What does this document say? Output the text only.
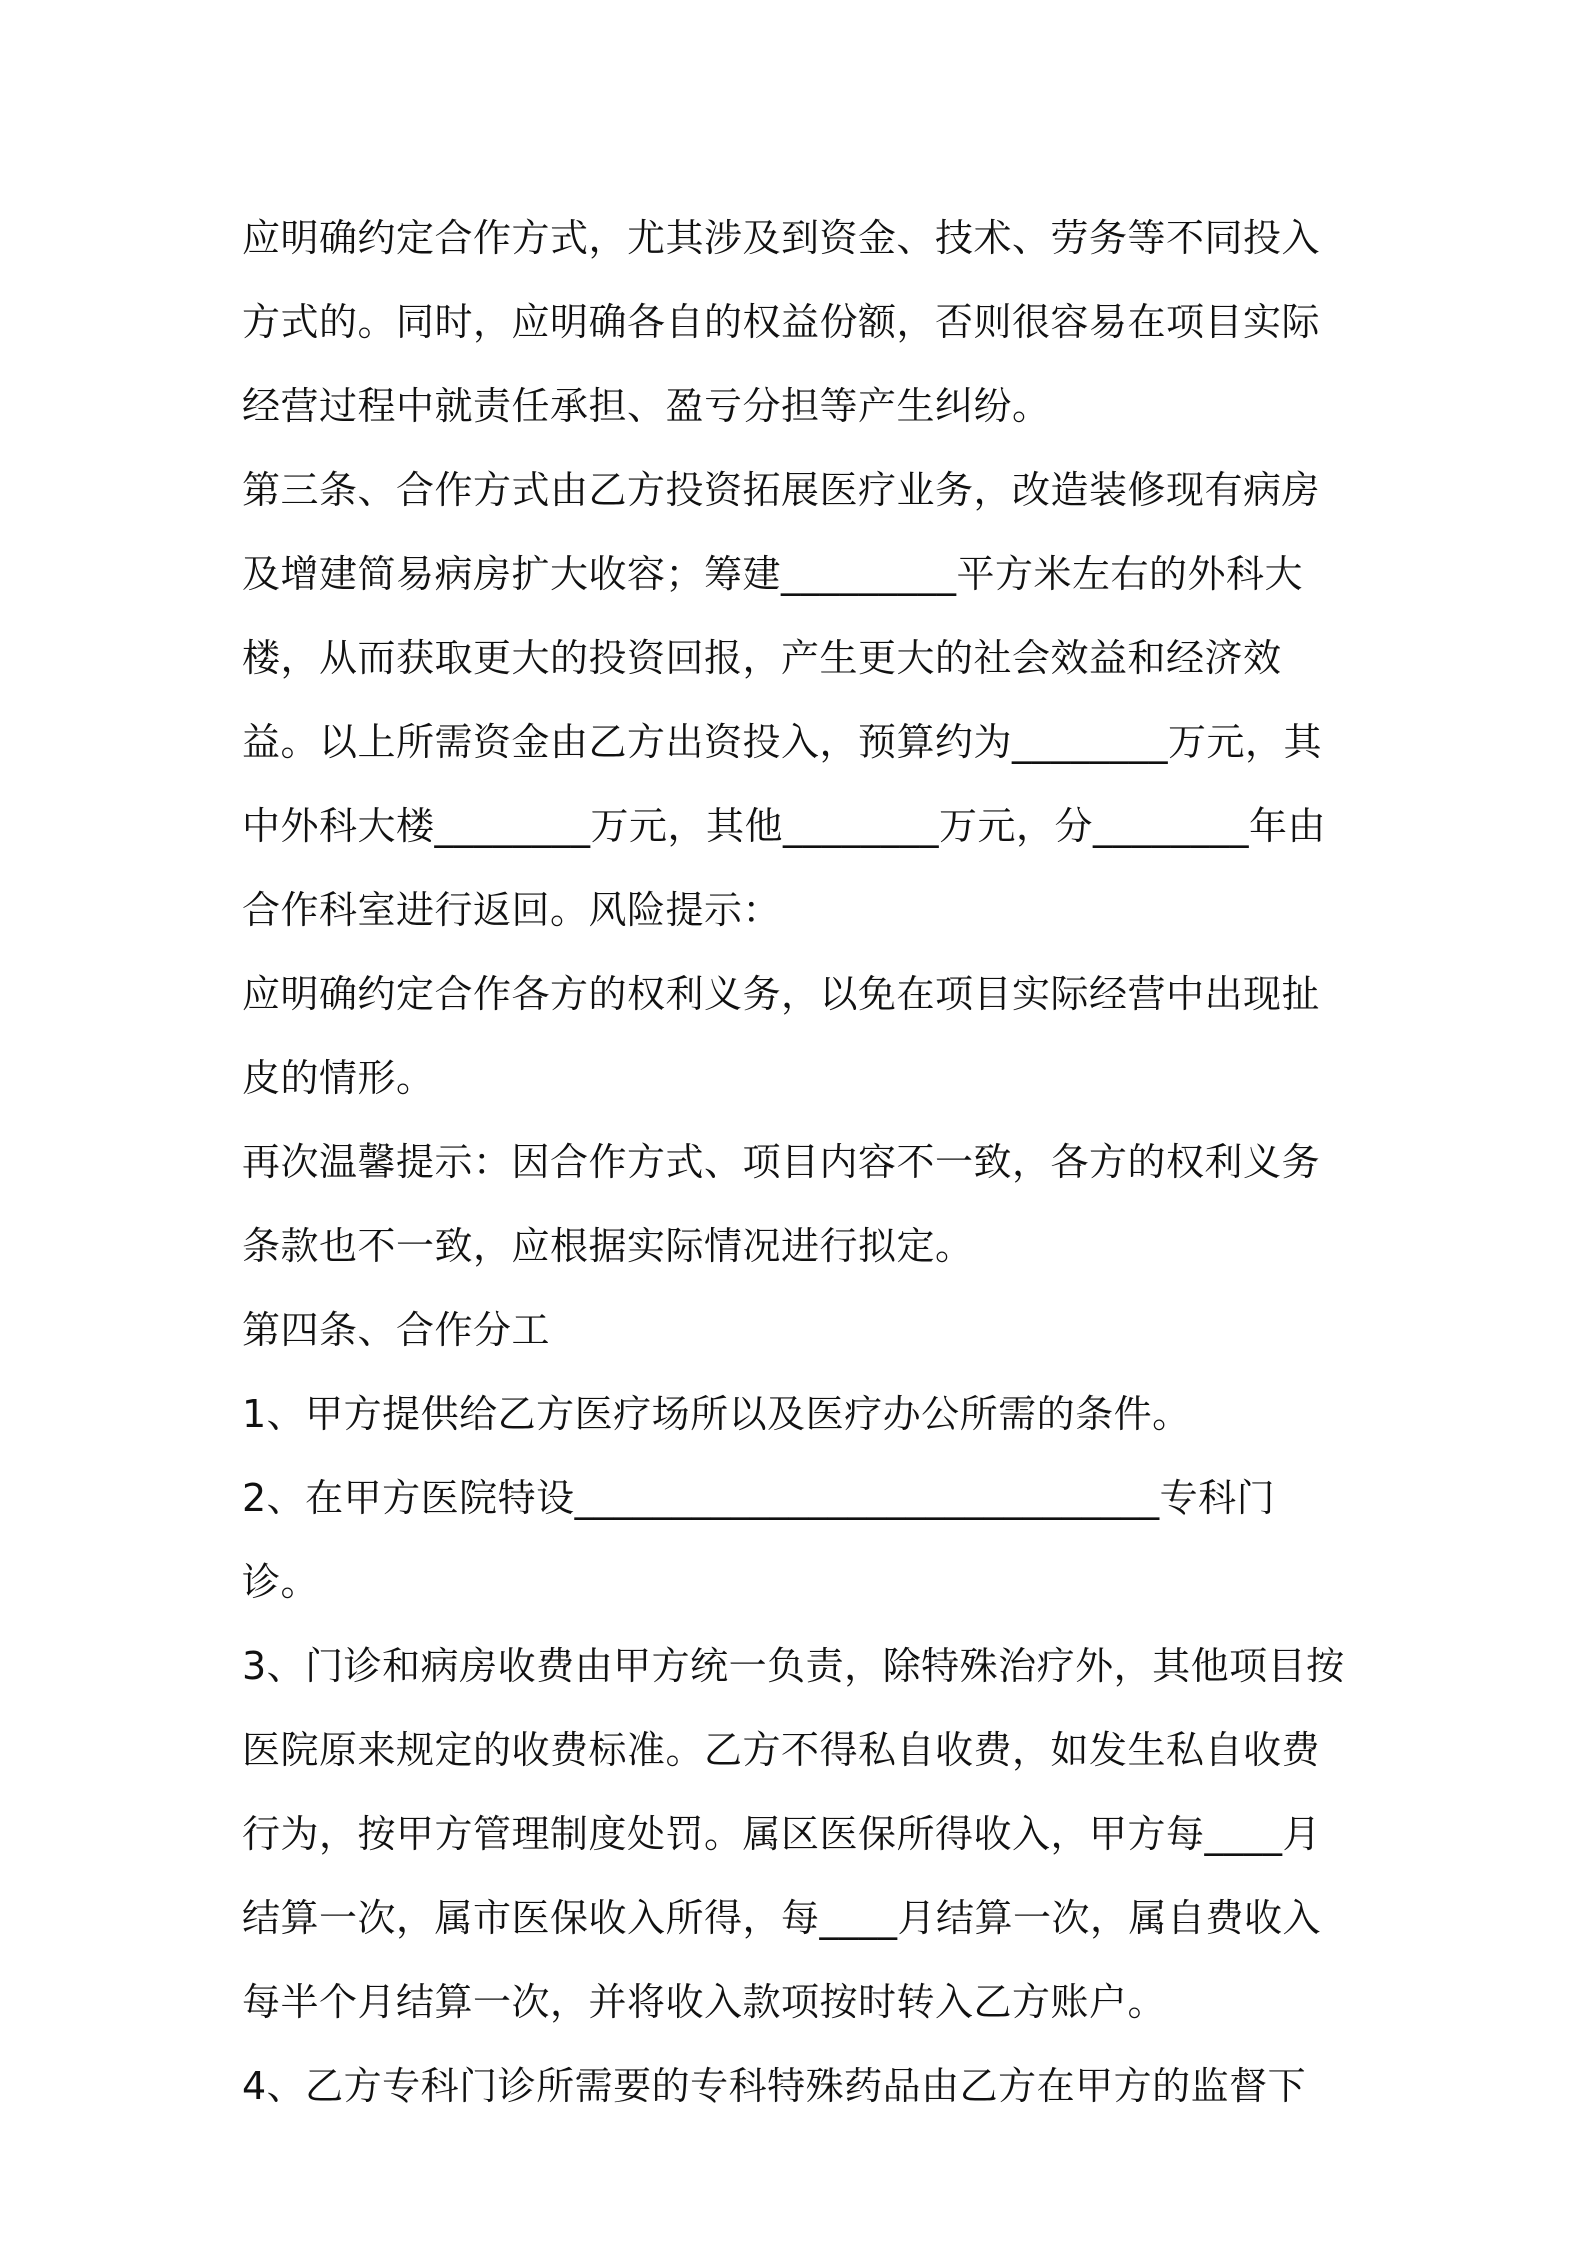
应明确约定合作方式，尤其涉及到资金、技术、劳务等不同投入方式的。同时，应明确各自的权益份额，否则很容易在项目实际经营过程中就责任承担、盈亏分担等产生纠纷。

第三条、合作方式由乙方投资拓展医疗业务，改造装修现有病房及增建简易病房扩大收容；筹建_________平方米左右的外科大楼，从而获取更大的投资回报，产生更大的社会效益和经济效益。以上所需资金由乙方出资投入，预算约为________万元，其中外科大楼________万元，其他________万元，分________年由合作科室进行返回。风险提示：

应明确约定合作各方的权利义务，以免在项目实际经营中出现扯皮的情形。

再次温馨提示：因合作方式、项目内容不一致，各方的权利义务条款也不一致，应根据实际情况进行拟定。

第四条、合作分工

1、甲方提供给乙方医疗场所以及医疗办公所需的条件。

2、在甲方医院特设______________________________专科门诊。

3、门诊和病房收费由甲方统一负责，除特殊治疗外，其他项目按医院原来规定的收费标准。乙方不得私自收费，如发生私自收费行为，按甲方管理制度处罚。属区医保所得收入，甲方每____月结算一次，属市医保收入所得，每____月结算一次，属自费收入每半个月结算一次，并将收入款项按时转入乙方账户。

4、乙方专科门诊所需要的专科特殊药品由乙方在甲方的监督下
